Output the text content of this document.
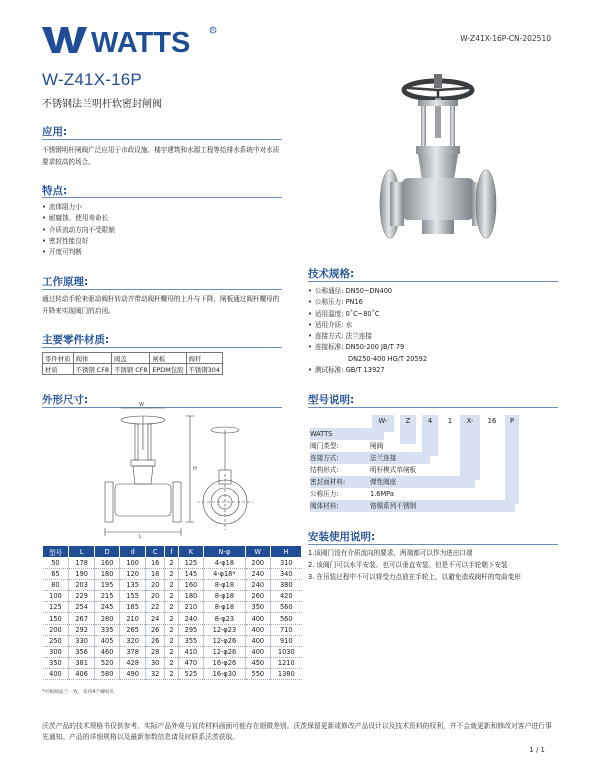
WATTS	R
W-Z41X-16P-CN-202510
W-Z41X-16P
不锈钢法兰明杆软密封闸阀
应用:
不锈钢明杆闸阀广泛应用于市政设施、楼宇建筑和水源工程等给排水系统中对水质要求较高的场合。
特点:
• 流体阻力小
• 耐腐蚀、使用寿命长
• 介质流动方向不受限制
• 密封性能良好
• 开度可判断
工作原理:
通过转动手轮来驱动阀杆转动并带动阀杆螺母的上升与下降，闸板通过阀杆螺母的升降来实现阀门的启闭。
主要零件材质:
零件材质	阀体	阀盖	闸板	阀杆
材质	不锈钢 CF8	不锈钢 CF8	EPDM包胶	不锈钢304
外形尺寸:
技术规格:
• 公称通径: DN50~DN400
• 公称压力: PN16
• 适用温度: 0˚C~80˚C
• 适用介质: 水
• 连接方式: 法兰连接
• 连接标准: DN50-200 JB/T 79
DN250-400 HG/T 20592
• 测试标准: GB/T 13927
型号说明:
W-	Z	4	1	X-	16	P
WATTS
阀门类型:	闸阀
连接方式:	法兰连接
结构形式:	明杆楔式单闸板
密封面材料:	弹性阀座
公称压力:	1.6MPa
阀体材料:	铬镍系列不锈钢
L
H
W
型号	L	D	d	C	f	K	N-φ	W	H
50	178	160	100	16	2	125	4-φ18	200	310
65	190	180	120	18	2	145	4-φ18*	240	340
80	203	195	135	20	2	160	8-φ18	240	380
100	229	215	155	20	2	180	8-φ18	260	420
125	254	245	185	22	2	210	8-φ18	350	560
150	267	280	210	24	2	240	8-φ23	400	560
200	292	335	265	26	2	295	12-φ23	400	710
250	330	405	320	26	2	355	12-φ26	400	910
300	356	460	378	28	2	410	12-φ26	400	1030
350	381	520	428	30	2	470	16-φ26	450	1210
400	406	580	490	32	2	525	16-φ30	550	1380
*可根据法兰一致，采用4个螺栓孔
安装使用说明:
1.该阀门没有介质流向的要求，两端都可以作为进出口端
2. 该阀门可以水平安装、也可以垂直安装。但是不可以手轮朝下安装
3. 在吊装过程中不可以将受力点放在手轮上，以避免造成阀杆的弯曲变形
沃茨产品的技术规格书仅供参考。实际产品外观与宣传材料画面可能存在细微差别。沃茨保留更新或修改产品设计以及技术资料的权利，并不会就更新和修改对客户进行事先通知。产品的详细规格以及最新参数信息请及时联系沃茨获取。
1 / 1
